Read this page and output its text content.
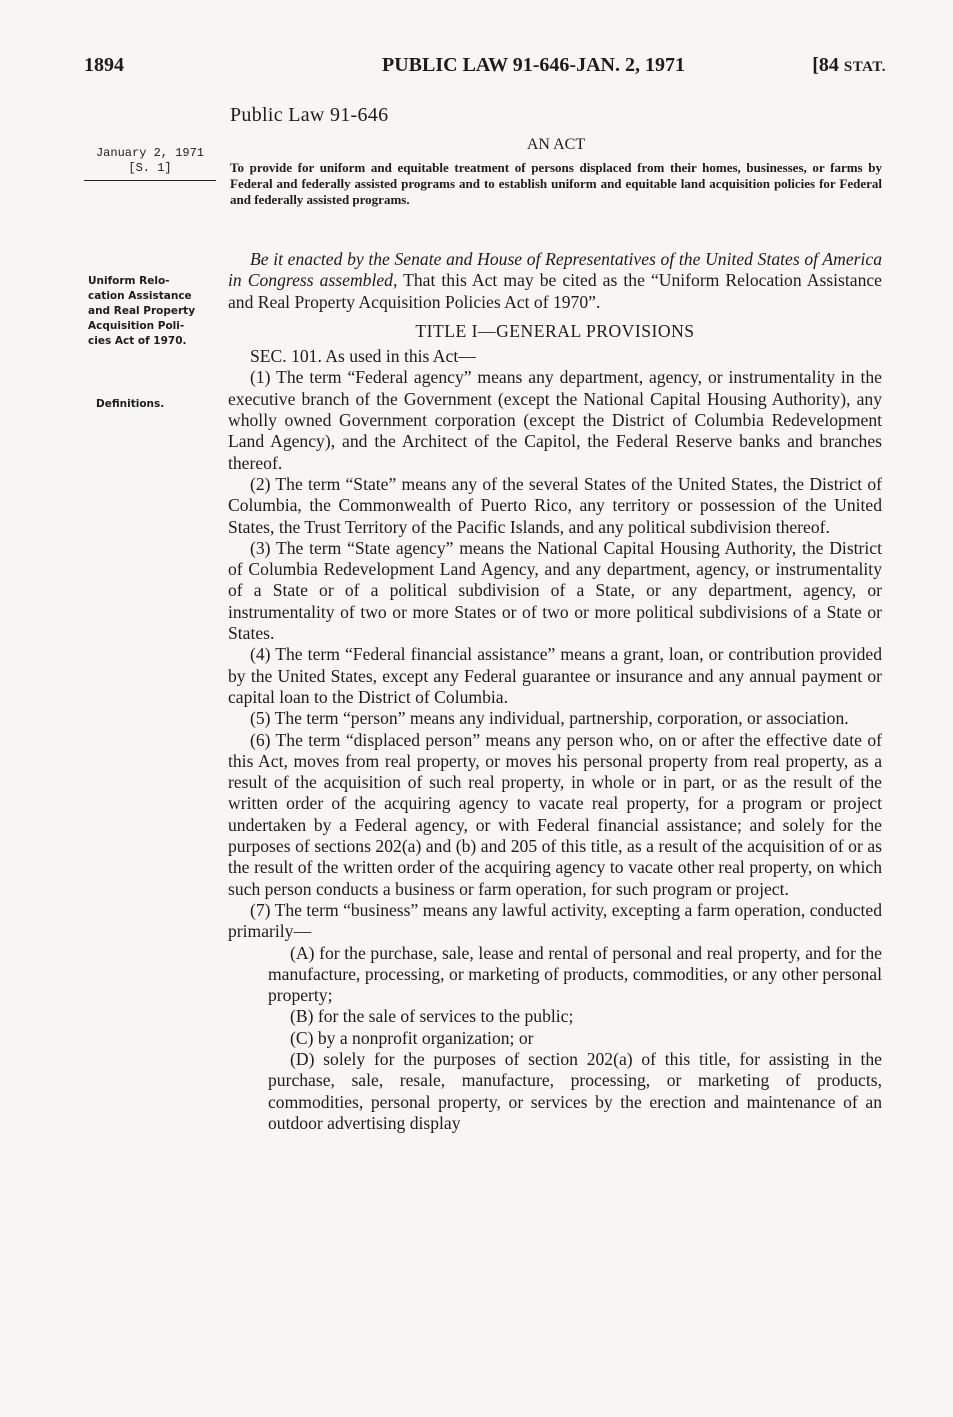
1894	PUBLIC LAW 91-646-JAN. 2, 1971	[84 STAT.
Public Law 91-646
January 2, 1971
[S. 1]
AN ACT
To provide for uniform and equitable treatment of persons displaced from their homes, businesses, or farms by Federal and federally assisted programs and to establish uniform and equitable land acquisition policies for Federal and federally assisted programs.
Uniform Relo-
cation Assistance
and Real Property
Acquisition Poli-
cies Act of 1970.
Definitions.

Be it enacted by the Senate and House of Representatives of the United States of America in Congress assembled, That this Act may be cited as the “Uniform Relocation Assistance and Real Property Acquisition Policies Act of 1970”.

TITLE I—GENERAL PROVISIONS

SEC. 101. As used in this Act—

(1) The term “Federal agency” means any department, agency, or instrumentality in the executive branch of the Government (except the National Capital Housing Authority), any wholly owned Government corporation (except the District of Columbia Redevelopment Land Agency), and the Architect of the Capitol, the Federal Reserve banks and branches thereof.

(2) The term “State” means any of the several States of the United States, the District of Columbia, the Commonwealth of Puerto Rico, any territory or possession of the United States, the Trust Territory of the Pacific Islands, and any political subdivision thereof.

(3) The term “State agency” means the National Capital Housing Authority, the District of Columbia Redevelopment Land Agency, and any department, agency, or instrumentality of a State or of a political subdivision of a State, or any department, agency, or instrumentality of two or more States or of two or more political subdivisions of a State or States.

(4) The term “Federal financial assistance” means a grant, loan, or contribution provided by the United States, except any Federal guarantee or insurance and any annual payment or capital loan to the District of Columbia.

(5) The term “person” means any individual, partnership, corporation, or association.

(6) The term “displaced person” means any person who, on or after the effective date of this Act, moves from real property, or moves his personal property from real property, as a result of the acquisition of such real property, in whole or in part, or as the result of the written order of the acquiring agency to vacate real property, for a program or project undertaken by a Federal agency, or with Federal financial assistance; and solely for the purposes of sections 202(a) and (b) and 205 of this title, as a result of the acquisition of or as the result of the written order of the acquiring agency to vacate other real property, on which such person conducts a business or farm operation, for such program or project.

(7) The term “business” means any lawful activity, excepting a farm operation, conducted primarily—

(A) for the purchase, sale, lease and rental of personal and real property, and for the manufacture, processing, or marketing of products, commodities, or any other personal property;

(B) for the sale of services to the public;

(C) by a nonprofit organization; or

(D) solely for the purposes of section 202(a) of this title, for assisting in the purchase, sale, resale, manufacture, processing, or marketing of products, commodities, personal property, or services by the erection and maintenance of an outdoor advertising display
